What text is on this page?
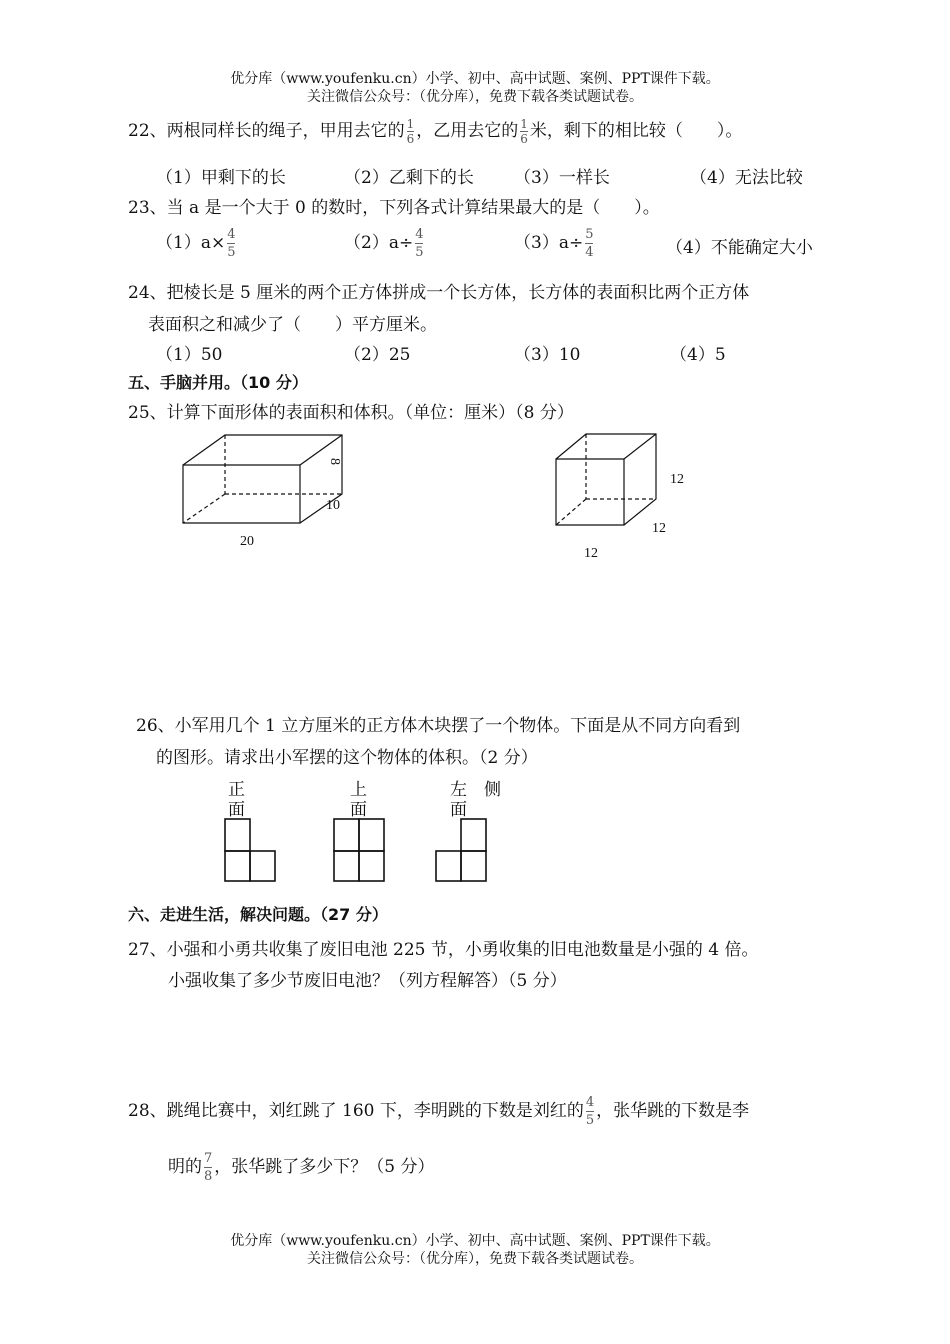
优分库（www.youfenku.cn）小学、初中、高中试题、案例、PPT课件下载。
关注微信公众号：（优分库），免费下载各类试题试卷。
22、两根同样长的绳子，甲用去它的 $\frac{1}{6}$ ，乙用去它的 $\frac{1}{6}$ 米，剩下的相比较（　　）。
（1）甲剩下的长	（2）乙剩下的长 （3）一样长	（4）无法比较
23、当 a 是一个大于 0 的数时，下列各式计算结果最大的是（　　）。
$(1)a\times \frac{4}{5}$	$(2)a\div \frac{4}{5}$	$(3)a\div \frac{5}{4}$	（4）不能确定大小
24、把棱长是 5 厘米的两个正方体拼成一个长方体，长方体的表面积比两个正方体
表面积之和减少了（　　）平方厘米。
（1）50	（2）25	（3）10	（4）5
五、手脑并用。（10 分）
25、计算下面形体的表面积和体积。（单位：厘米）（8 分）
8
10
20
12
12
12
26、小军用几个 1 立方厘米的正方体木块摆了一个物体。下面是从不同方向看到
的图形。请求出小军摆的这个物体的体积。（2 分）
正面
上面
左　侧面
六、走进生活，解决问题。（27 分）
27、小强和小勇共收集了废旧电池 225 节，小勇收集的旧电池数量是小强的 4 倍。
小强收集了多少节废旧电池？（列方程解答）（5 分）
28、跳绳比赛中，刘红跳了 160 下，李明跳的下数是刘红的 $\frac{4}{5}$ ，张华跳的下数是李
明的 $\frac{7}{8}$ ，张华跳了多少下？（5 分）
优分库（www.youfenku.cn）小学、初中、高中试题、案例、PPT课件下载。
关注微信公众号：（优分库），免费下载各类试题试卷。
